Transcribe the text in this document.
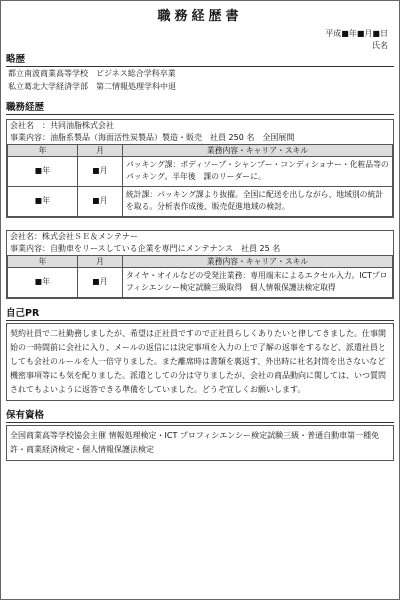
職務経歴書
平成■年■月■日
氏名
略歴
都立南波商業高等学校　ビジネス総合学科卒業
私立葛北大学経済学部　第二情報処理学科中退
職務経歴
会社名　：共同油脂株式会社
事業内容：油脂系製品（海面活性炭製品）製造・販売　社員 250 名　全国展開
年	月	業務内容・キャリア・スキル
■年	■月	パッキング課：ボディソープ・シャンプー・コンディショナー・化粧品等のパッキング。半年後　課のリーダーに。
■年	■月	統計課：パッキング課より抜擢。全国に配送を出しながら、地域別の統計を取る。分析表作成後、販売促進地域の検討。
会社名：株式会社ＳＥ＆メンテナー
事業内容：自動車をリースしている企業を専門にメンテナンス　社員 25 名
年	月	業務内容・キャリア・スキル
■年	■月	タイヤ・オイルなどの受発注業務：専用端末によるエクセル入力。ICTプロフィシエンシー検定試験三級取得　個人情報保護法検定取得
自己PR
契約社員で二社勤務しましたが、希望は正社員ですので正社員らしくありたいと律してきました。仕事開始の一時間前に会社に入り、メールの返信には決定事項を入力の上で了解の返事をするなど、派遣社員としても会社のルールを人一倍守りました。また離席時は書類を裏返す、外出時に社名封筒を出さないなど機密事項等にも気を配りました。派遣としての分は守りましたが、会社の商品動向に関しては、いつ質問されてもよいように返答できる準備をしていました。どうぞ宜しくお願いします。
保有資格
全国商業高等学校協会主催 情報処理検定・ICT プロフィシエンシー検定試験三級・普通自動車第一種免許・商業経済検定・個人情報保護法検定
